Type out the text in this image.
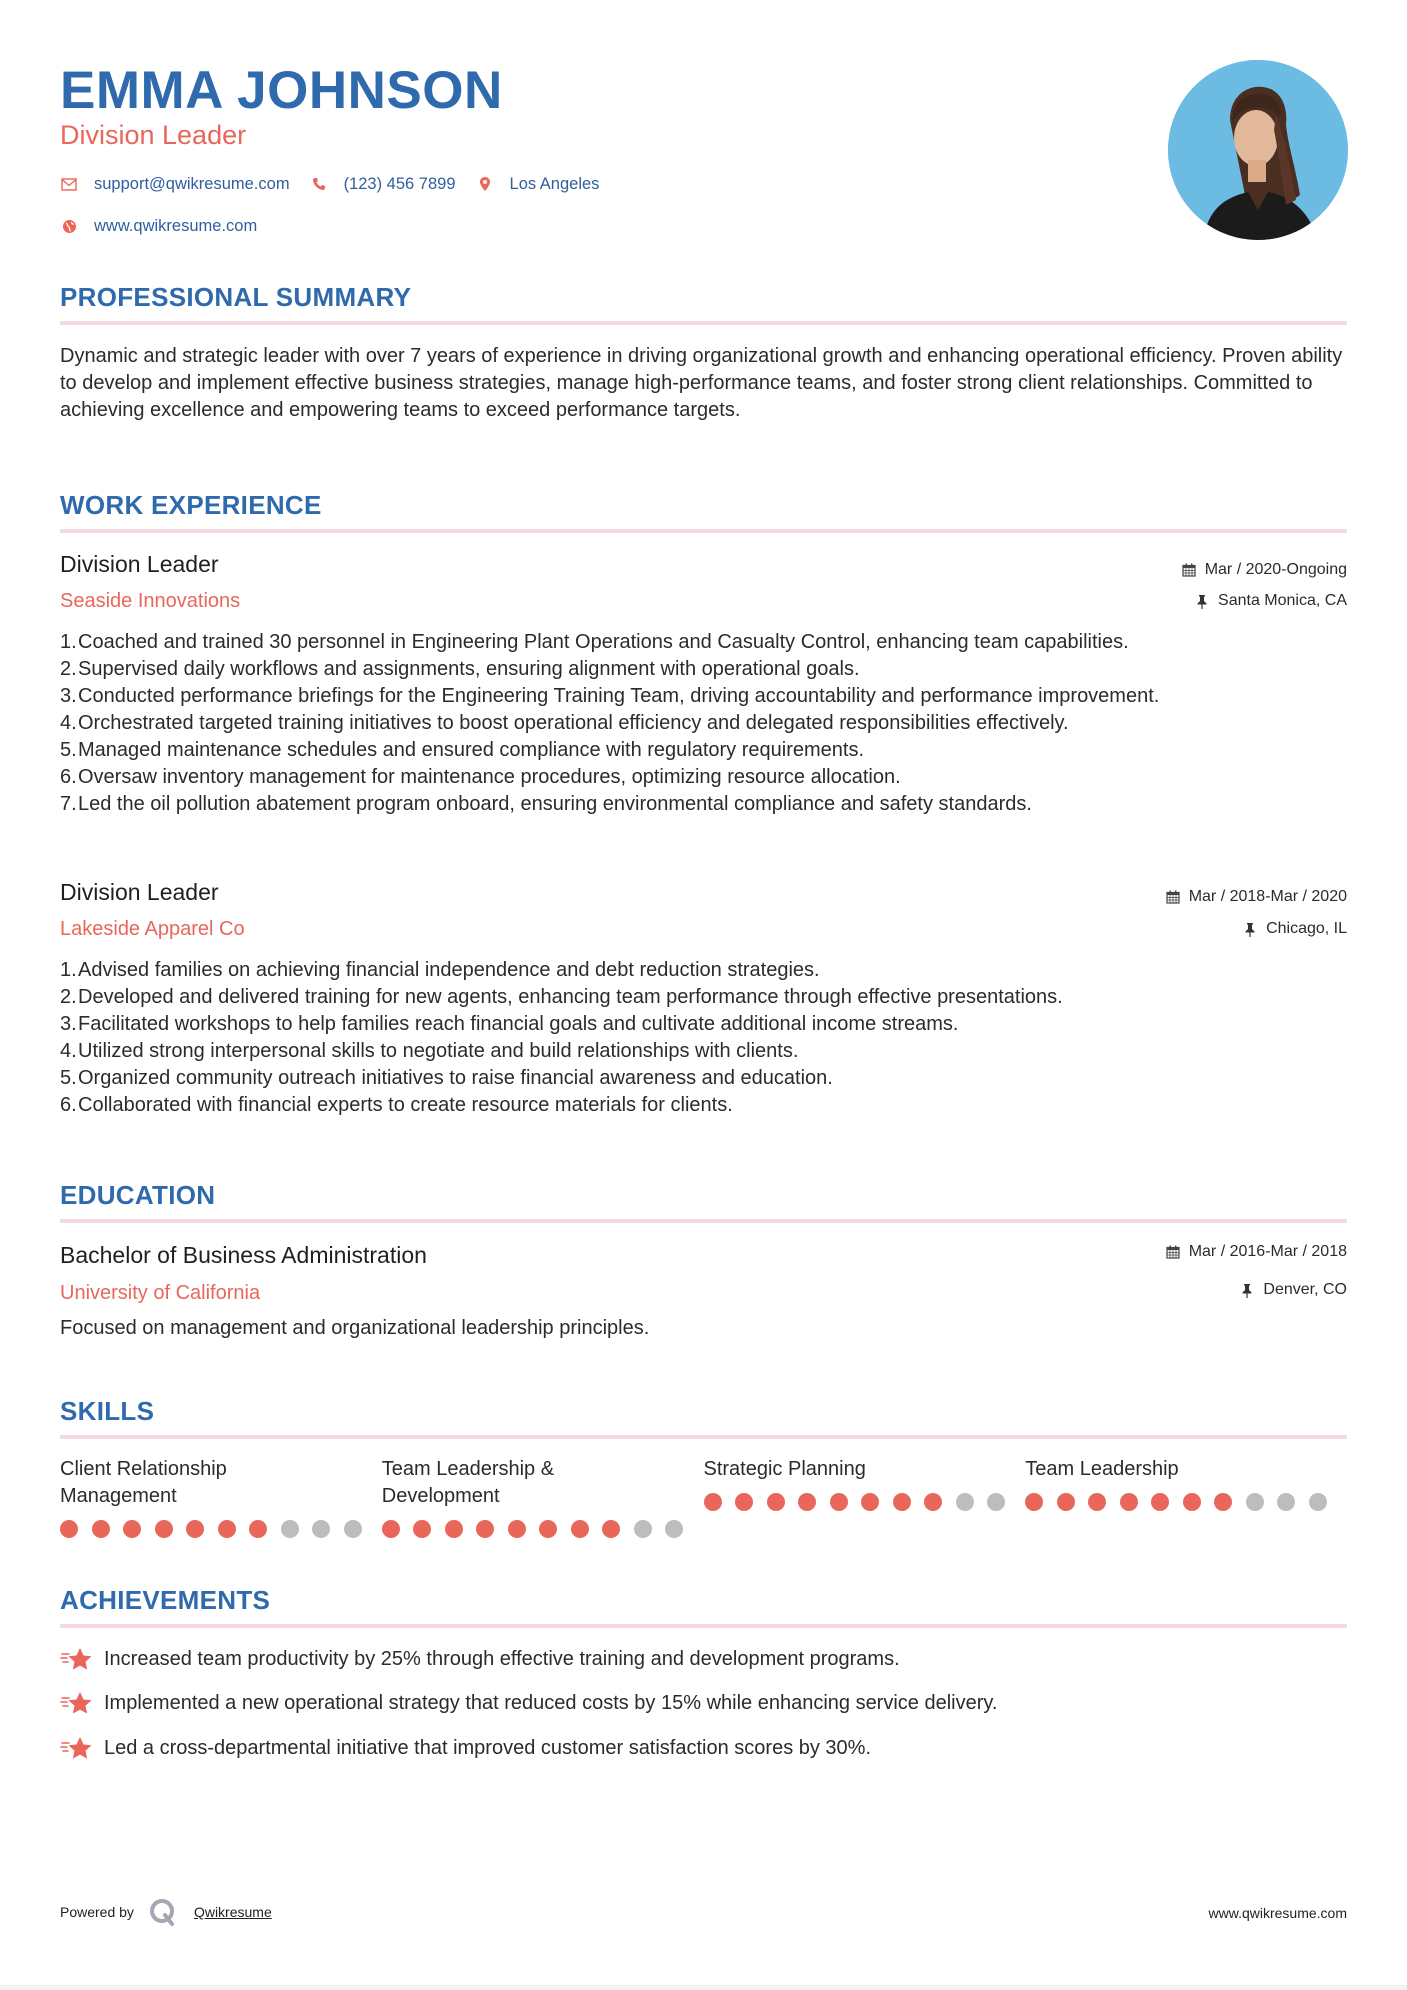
EMMA JOHNSON
Division Leader
support@qwikresume.com	(123) 456 7899	Los Angeles
www.qwikresume.com
PROFESSIONAL SUMMARY
Dynamic and strategic leader with over 7 years of experience in driving organizational growth and enhancing operational efficiency. Proven ability to develop and implement effective business strategies, manage high-performance teams, and foster strong client relationships. Committed to achieving excellence and empowering teams to exceed performance targets.
WORK EXPERIENCE
Division Leader
Seaside Innovations
Mar / 2020-Ongoing
Santa Monica, CA
1. Coached and trained 30 personnel in Engineering Plant Operations and Casualty Control, enhancing team capabilities.
2. Supervised daily workflows and assignments, ensuring alignment with operational goals.
3. Conducted performance briefings for the Engineering Training Team, driving accountability and performance improvement.
4. Orchestrated targeted training initiatives to boost operational efficiency and delegated responsibilities effectively.
5. Managed maintenance schedules and ensured compliance with regulatory requirements.
6. Oversaw inventory management for maintenance procedures, optimizing resource allocation.
7. Led the oil pollution abatement program onboard, ensuring environmental compliance and safety standards.
Division Leader
Lakeside Apparel Co
Mar / 2018-Mar / 2020
Chicago, IL
1. Advised families on achieving financial independence and debt reduction strategies.
2. Developed and delivered training for new agents, enhancing team performance through effective presentations.
3. Facilitated workshops to help families reach financial goals and cultivate additional income streams.
4. Utilized strong interpersonal skills to negotiate and build relationships with clients.
5. Organized community outreach initiatives to raise financial awareness and education.
6. Collaborated with financial experts to create resource materials for clients.
EDUCATION
Bachelor of Business Administration
University of California
Mar / 2016-Mar / 2018
Denver, CO
Focused on management and organizational leadership principles.
SKILLS
Client Relationship Management
Team Leadership & Development
Strategic Planning	Team Leadership
ACHIEVEMENTS
Increased team productivity by 25% through effective training and development programs.
Implemented a new operational strategy that reduced costs by 15% while enhancing service delivery.
Led a cross-departmental initiative that improved customer satisfaction scores by 30%.
Powered by	Qwikresume	www.qwikresume.com
